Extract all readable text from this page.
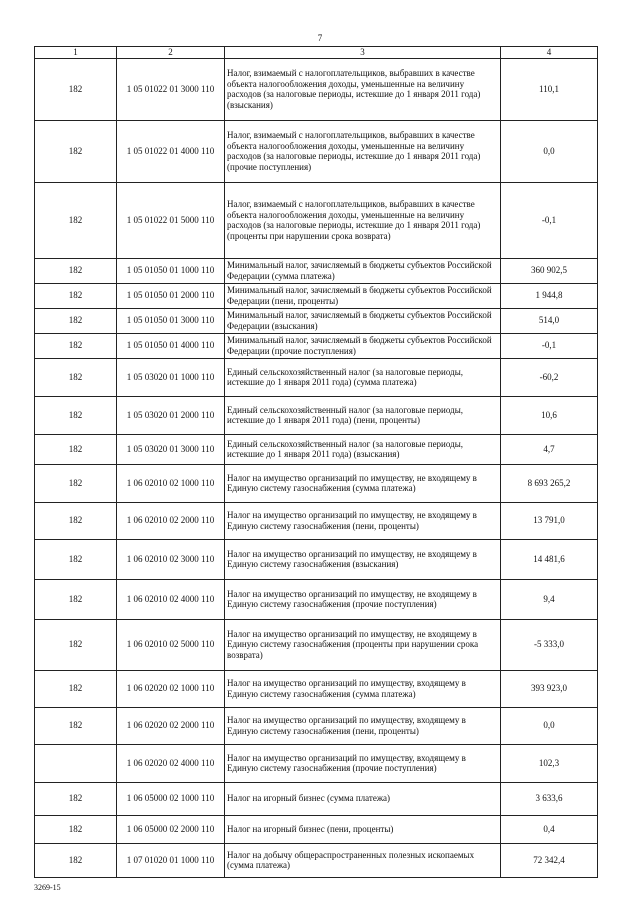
7
1	2	3	4
182	1 05 01022 01 3000 110	Налог, взимаемый с налогоплательщиков, выбравших в качестве объекта налогообложения доходы, уменьшенные на величину расходов (за налоговые периоды, истекшие до 1 января 2011 года) (взыскания)	110,1
182	1 05 01022 01 4000 110	Налог, взимаемый с налогоплательщиков, выбравших в качестве объекта налогообложения доходы, уменьшенные на величину расходов (за налоговые периоды, истекшие до 1 января 2011 года) (прочие поступления)	0,0
182	1 05 01022 01 5000 110	Налог, взимаемый с налогоплательщиков, выбравших в качестве объекта налогообложения доходы, уменьшенные на величину расходов (за налоговые периоды, истекшие до 1 января 2011 года) (проценты при нарушении срока возврата)	-0,1
182	1 05 01050 01 1000 110	Минимальный налог, зачисляемый в бюджеты субъектов Российской Федерации (сумма платежа)	360 902,5
182	1 05 01050 01 2000 110	Минимальный налог, зачисляемый в бюджеты субъектов Российской Федерации (пени, проценты)	1 944,8
182	1 05 01050 01 3000 110	Минимальный налог, зачисляемый в бюджеты субъектов Российской Федерации (взыскания)	514,0
182	1 05 01050 01 4000 110	Минимальный налог, зачисляемый в бюджеты субъектов Российской Федерации (прочие поступления)	-0,1
182	1 05 03020 01 1000 110	Единый сельскохозяйственный налог (за налоговые периоды, истекшие до 1 января 2011 года) (сумма платежа)	-60,2
182	1 05 03020 01 2000 110	Единый сельскохозяйственный налог (за налоговые периоды, истекшие до 1 января 2011 года) (пени, проценты)	10,6
182	1 05 03020 01 3000 110	Единый сельскохозяйственный налог (за налоговые периоды, истекшие до 1 января 2011 года) (взыскания)	4,7
182	1 06 02010 02 1000 110	Налог на имущество организаций по имуществу, не входящему в Единую систему газоснабжения (сумма платежа)	8 693 265,2
182	1 06 02010 02 2000 110	Налог на имущество организаций по имуществу, не входящему в Единую систему газоснабжения (пени, проценты)	13 791,0
182	1 06 02010 02 3000 110	Налог на имущество организаций по имуществу, не входящему в Единую систему газоснабжения (взыскания)	14 481,6
182	1 06 02010 02 4000 110	Налог на имущество организаций по имуществу, не входящему в Единую систему газоснабжения (прочие поступления)	9,4
182	1 06 02010 02 5000 110	Налог на имущество организаций по имуществу, не входящему в Единую систему газоснабжения (проценты при нарушении срока возврата)	-5 333,0
182	1 06 02020 02 1000 110	Налог на имущество организаций по имуществу, входящему в Единую систему газоснабжения (сумма платежа)	393 923,0
182	1 06 02020 02 2000 110	Налог на имущество организаций по имуществу, входящему в Единую систему газоснабжения (пени, проценты)	0,0
	1 06 02020 02 4000 110	Налог на имущество организаций по имуществу, входящему в Единую систему газоснабжения (прочие поступления)	102,3
182	1 06 05000 02 1000 110	Налог на игорный бизнес (сумма платежа)	3 633,6
182	1 06 05000 02 2000 110	Налог на игорный бизнес (пени, проценты)	0,4
182	1 07 01020 01 1000 110	Налог на добычу общераспространенных полезных ископаемых (сумма платежа)	72 342,4
3269-15
